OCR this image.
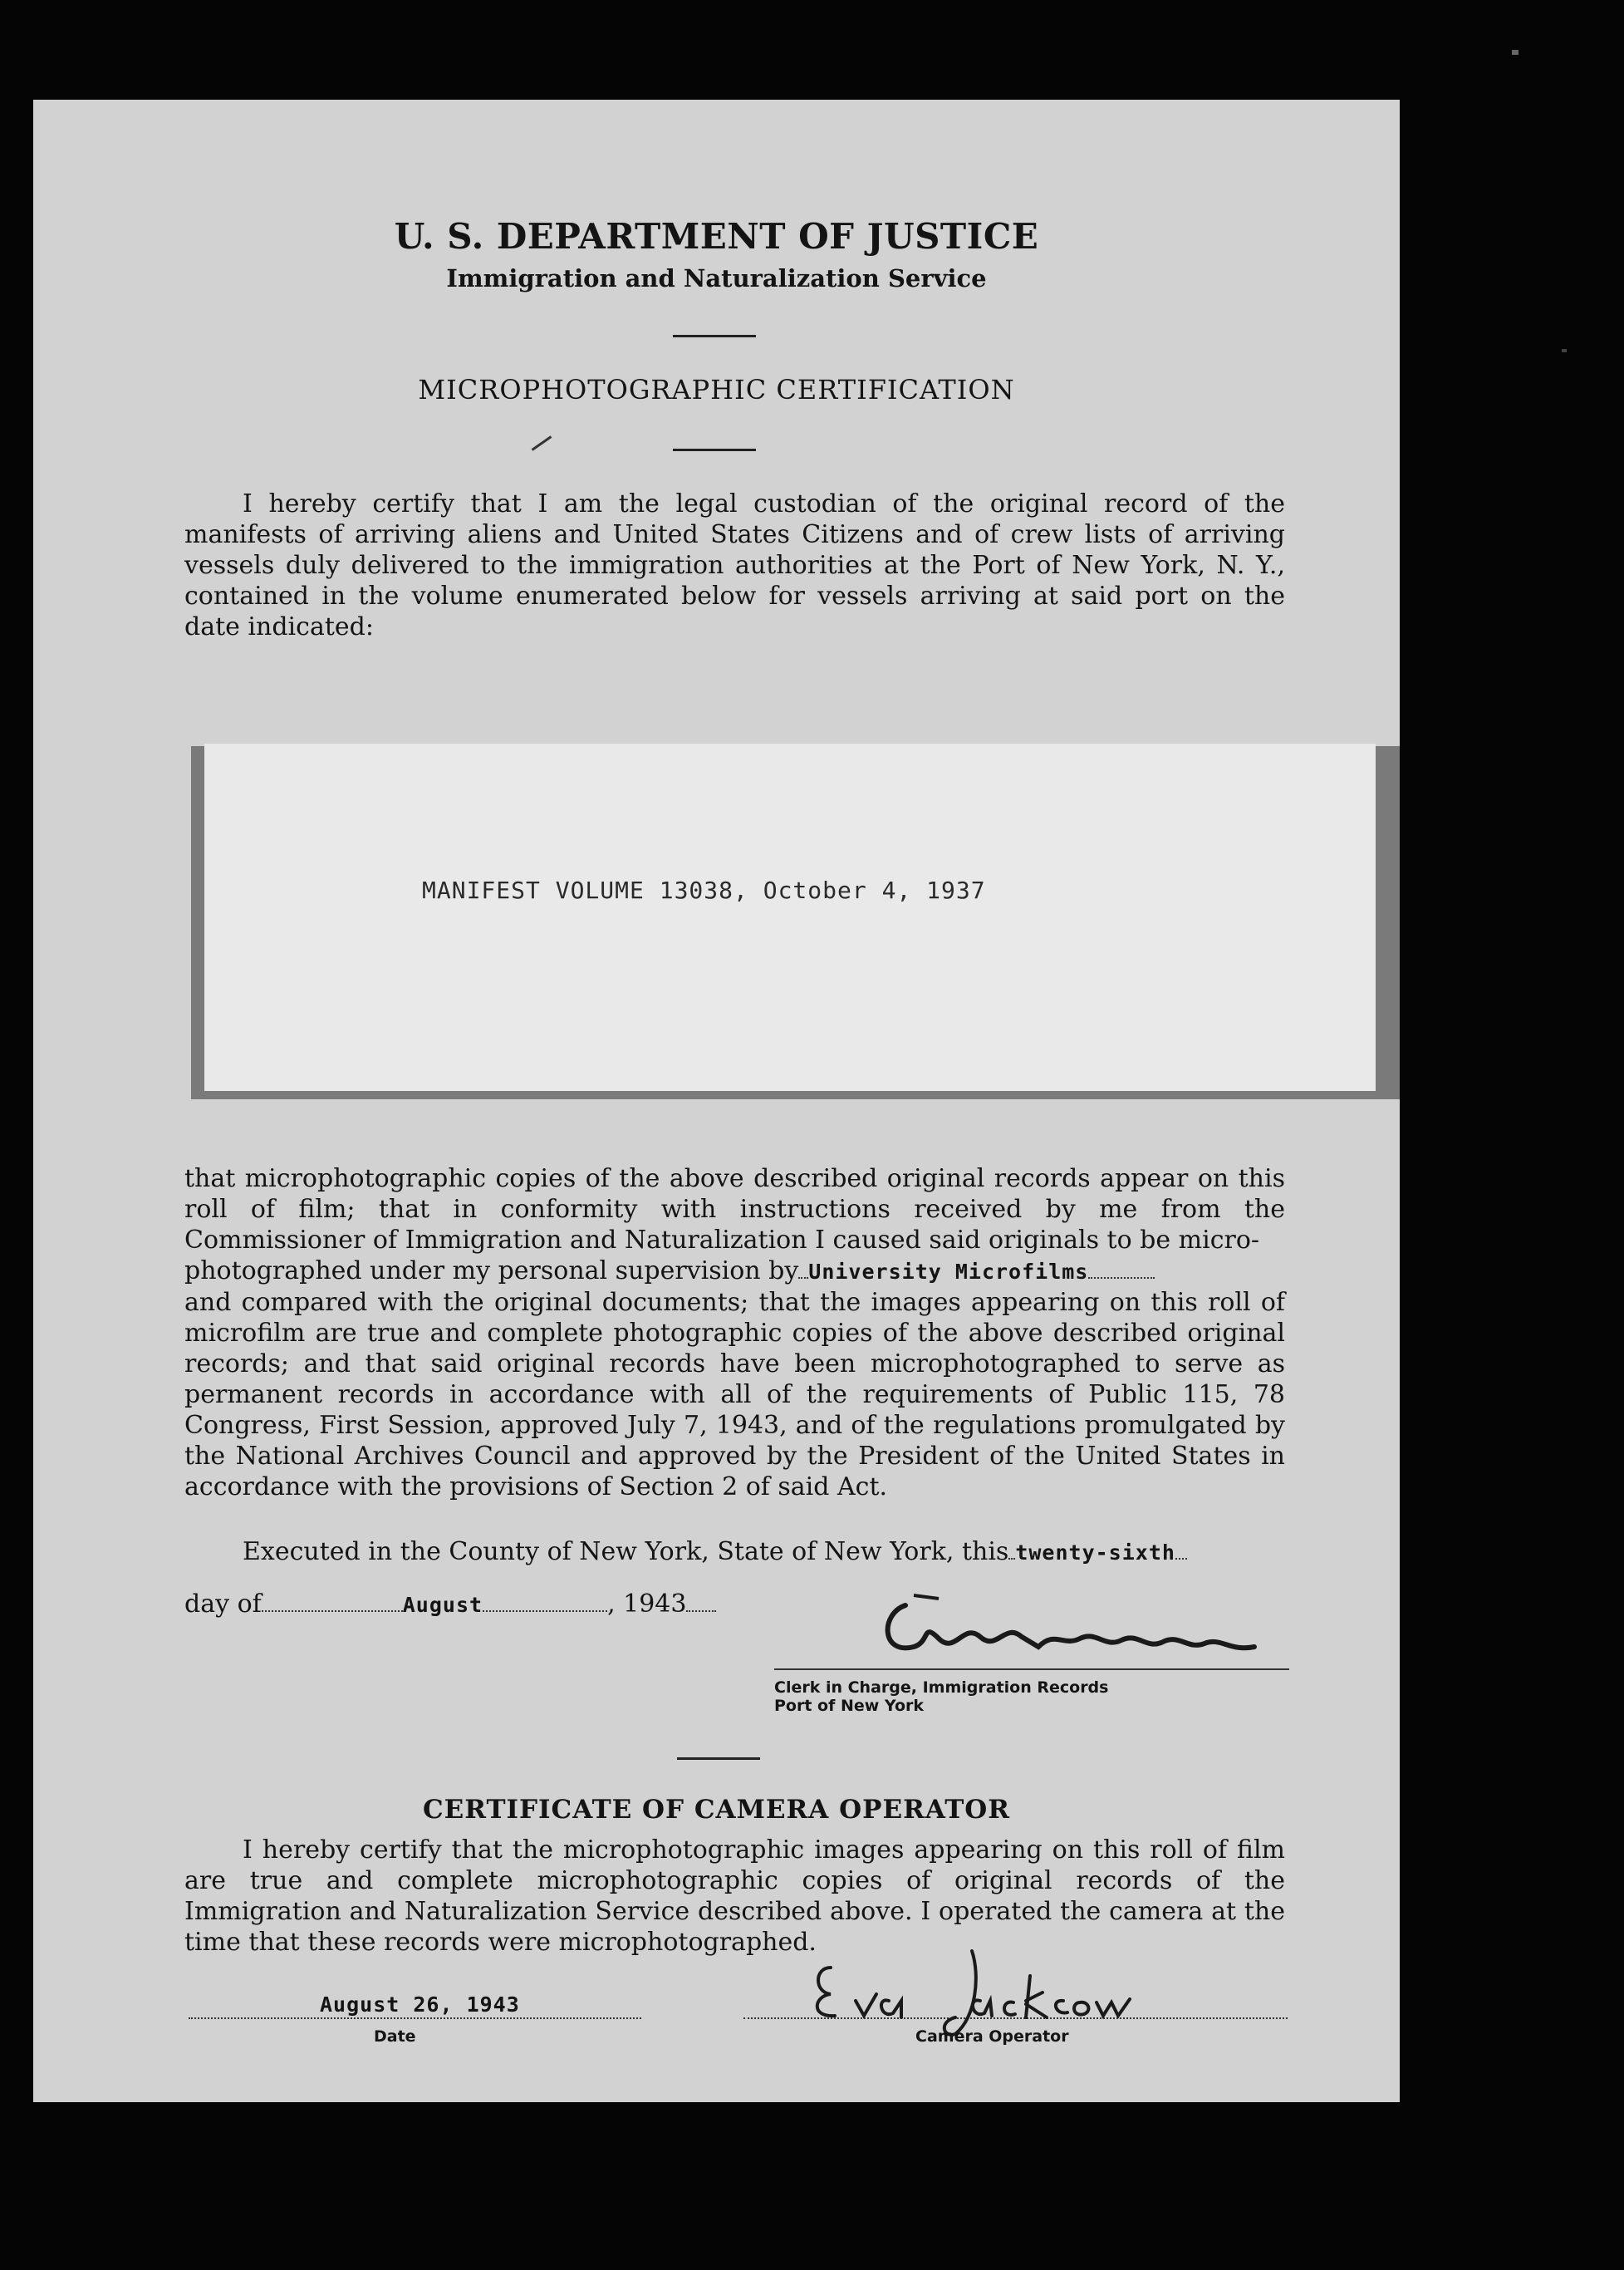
U. S. DEPARTMENT OF JUSTICE
Immigration and Naturalization Service
MICROPHOTOGRAPHIC CERTIFICATION

I hereby certify that I am the legal custodian of the original record of the manifests of arriving aliens and United States Citizens and of crew lists of arriving vessels duly delivered to the immigration authorities at the Port of New York, N. Y., contained in the volume enumerated below for vessels arriving at said port on the date indicated:

MANIFEST VOLUME 13038, October 4, 1937
that microphotographic copies of the above described original records appear on this roll of film; that in conformity with instructions received by me from the Commissioner of Immigration and Naturalization I caused said originals to be micro-
photographed under my personal supervision by University Microfilms
and compared with the original documents; that the images appearing on this roll of microfilm are true and complete photographic copies of the above described original records; and that said original records have been microphotographed to serve as permanent records in accordance with all of the requirements of Public 115, 78 Congress, First Session, approved July 7, 1943, and of the regulations promulgated by the National Archives Council and approved by the President of the United States in accordance with the provisions of Section 2 of said Act.
Executed in the County of New York, State of New York, this twenty-sixth
day of	August	, 1943
Clerk in Charge, Immigration Records
Port of New York
CERTIFICATE OF CAMERA OPERATOR

I hereby certify that the microphotographic images appearing on this roll of film are true and complete microphotographic copies of original records of the Immigration and Naturalization Service described above. I operated the camera at the time that these records were microphotographed.

August 26, 1943
Date	Camera Operator
